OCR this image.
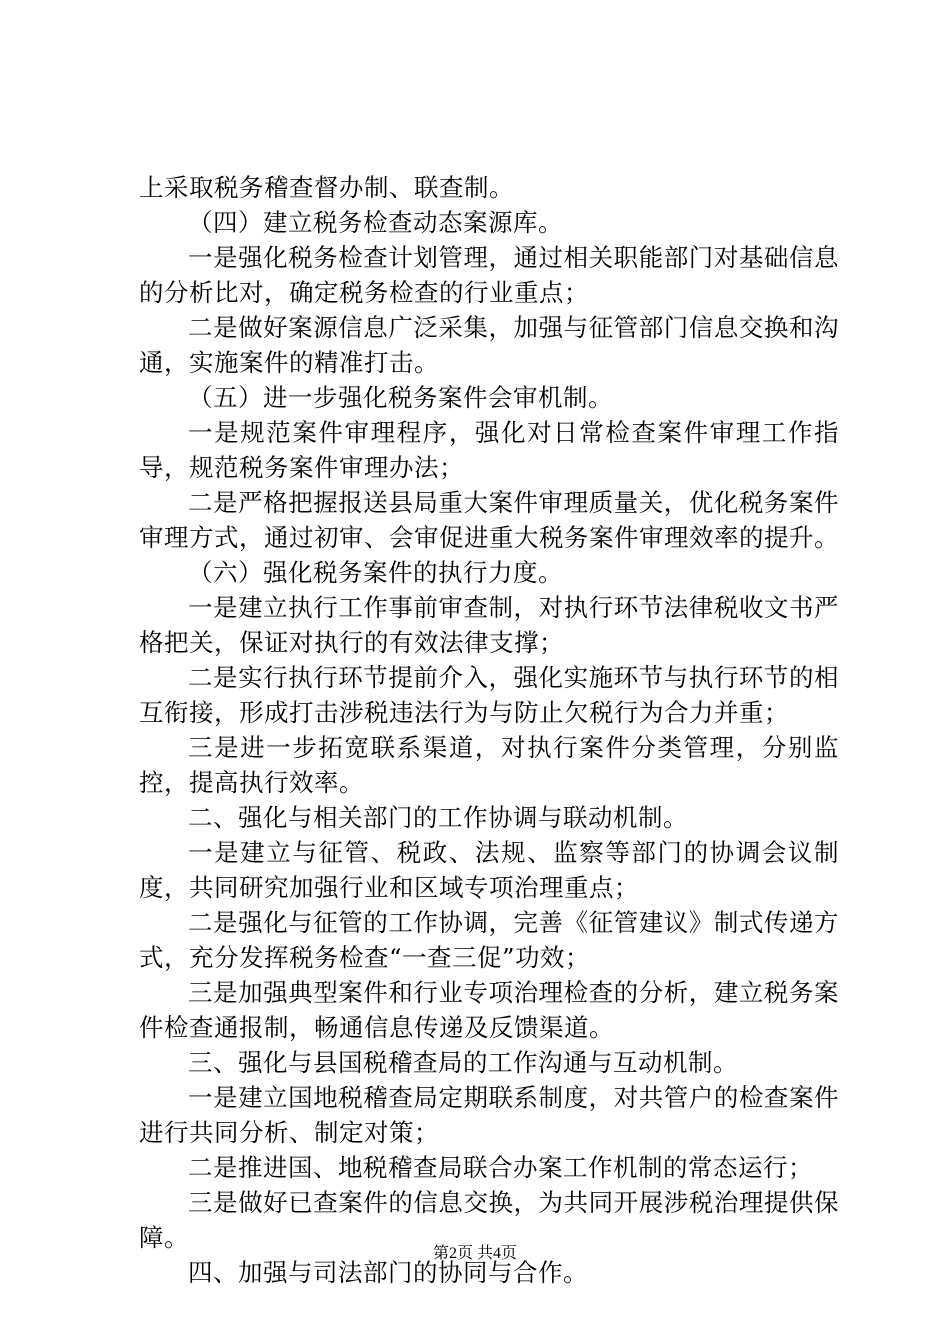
上采取税务稽查督办制、联查制。

（四）建立税务检查动态案源库。

一是强化税务检查计划管理，通过相关职能部门对基础信息的分析比对，确定税务检查的行业重点；

二是做好案源信息广泛采集，加强与征管部门信息交换和沟通，实施案件的精准打击。

（五）进一步强化税务案件会审机制。

一是规范案件审理程序，强化对日常检查案件审理工作指导，规范税务案件审理办法；

二是严格把握报送县局重大案件审理质量关，优化税务案件审理方式，通过初审、会审促进重大税务案件审理效率的提升。

（六）强化税务案件的执行力度。

一是建立执行工作事前审查制，对执行环节法律税收文书严格把关，保证对执行的有效法律支撑；

二是实行执行环节提前介入，强化实施环节与执行环节的相互衔接，形成打击涉税违法行为与防止欠税行为合力并重；

三是进一步拓宽联系渠道，对执行案件分类管理，分别监控，提高执行效率。

二、强化与相关部门的工作协调与联动机制。

一是建立与征管、税政、法规、监察等部门的协调会议制度，共同研究加强行业和区域专项治理重点；

二是强化与征管的工作协调，完善《征管建议》制式传递方式，充分发挥税务检查“一查三促”功效；

三是加强典型案件和行业专项治理检查的分析，建立税务案件检查通报制，畅通信息传递及反馈渠道。

三、强化与县国税稽查局的工作沟通与互动机制。

一是建立国地税稽查局定期联系制度，对共管户的检查案件进行共同分析、制定对策；

二是推进国、地税稽查局联合办案工作机制的常态运行；

三是做好已查案件的信息交换，为共同开展涉税治理提供保障。

四、加强与司法部门的协同与合作。

第2页 共4页
